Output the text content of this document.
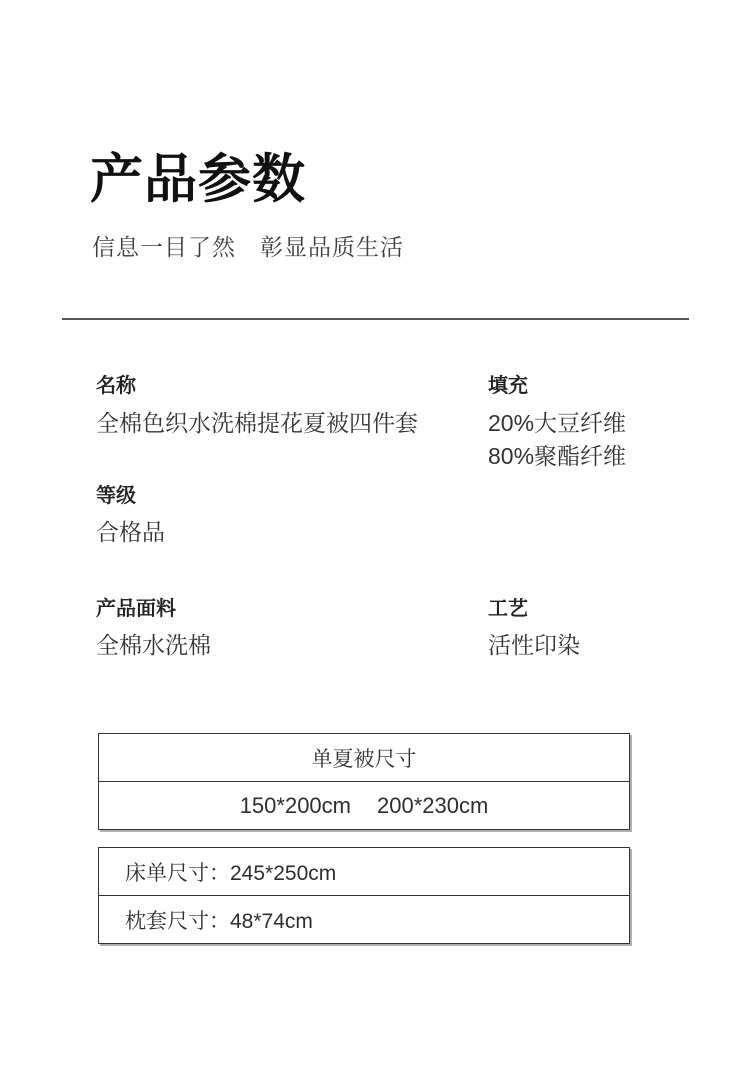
产品参数

信息一目了然　彰显品质生活

名称
全棉色织水洗棉提花夏被四件套
等级
合格品
产品面料
全棉水洗棉
填充
20%大豆纤维
80%聚酯纤维
工艺
活性印染
单夏被尺寸
150*200cm 200*230cm
床单尺寸：245*250cm
枕套尺寸：48*74cm
